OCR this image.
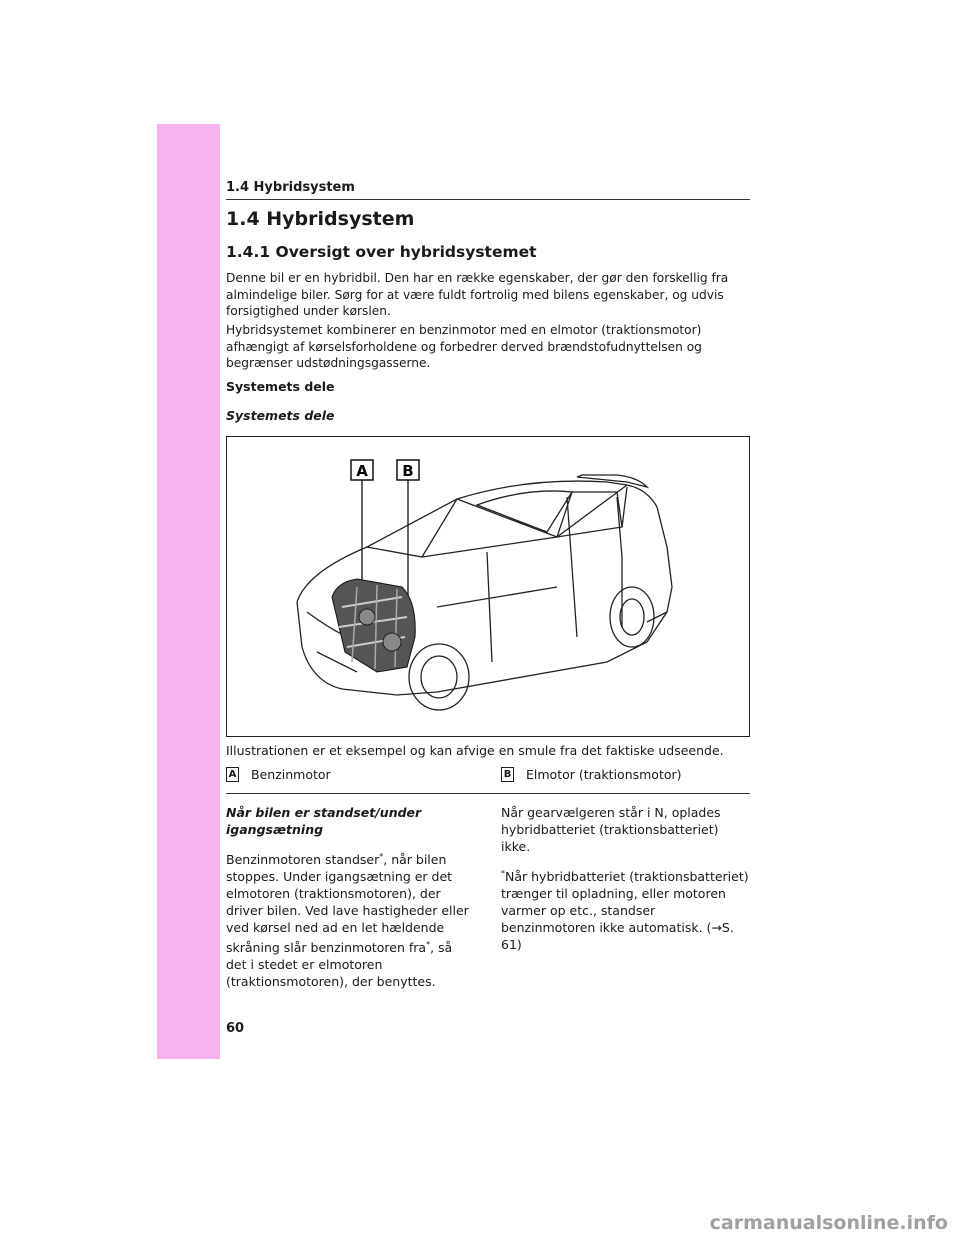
1.4 Hybridsystem
1.4 Hybridsystem
1.4.1 Oversigt over hybridsystemet
Denne bil er en hybridbil. Den har en række egenskaber, der gør den forskellig fra almindelige biler. Sørg for at være fuldt fortrolig med bilens egenskaber, og udvis forsigtighed under kørslen.
Hybridsystemet kombinerer en benzinmotor med en elmotor (traktionsmotor) afhængigt af kørselsforholdene og forbedrer derved brændstofudnyttelsen og begrænser udstødningsgasserne.
Systemets dele
Systemets dele
A B
Illustrationen er et eksempel og kan afvige en smule fra det faktiske udseende.
A Benzinmotor	B Elmotor (traktionsmotor)

Når bilen er standset/under igangsætning

Benzinmotoren standser*, når bilen stoppes. Under igangsætning er det elmotoren (traktionsmotoren), der driver bilen. Ved lave hastigheder eller ved kørsel ned ad en let hældende skråning slår benzinmotoren fra*, så det i stedet er elmotoren (traktionsmotoren), der benyttes.

Når gearvælgeren står i N, oplades hybridbatteriet (traktionsbatteriet) ikke.

*Når hybridbatteriet (traktionsbatteriet) trænger til opladning, eller motoren varmer op etc., standser benzinmotoren ikke automatisk. (→S. 61)

60
carmanualsonline.info
